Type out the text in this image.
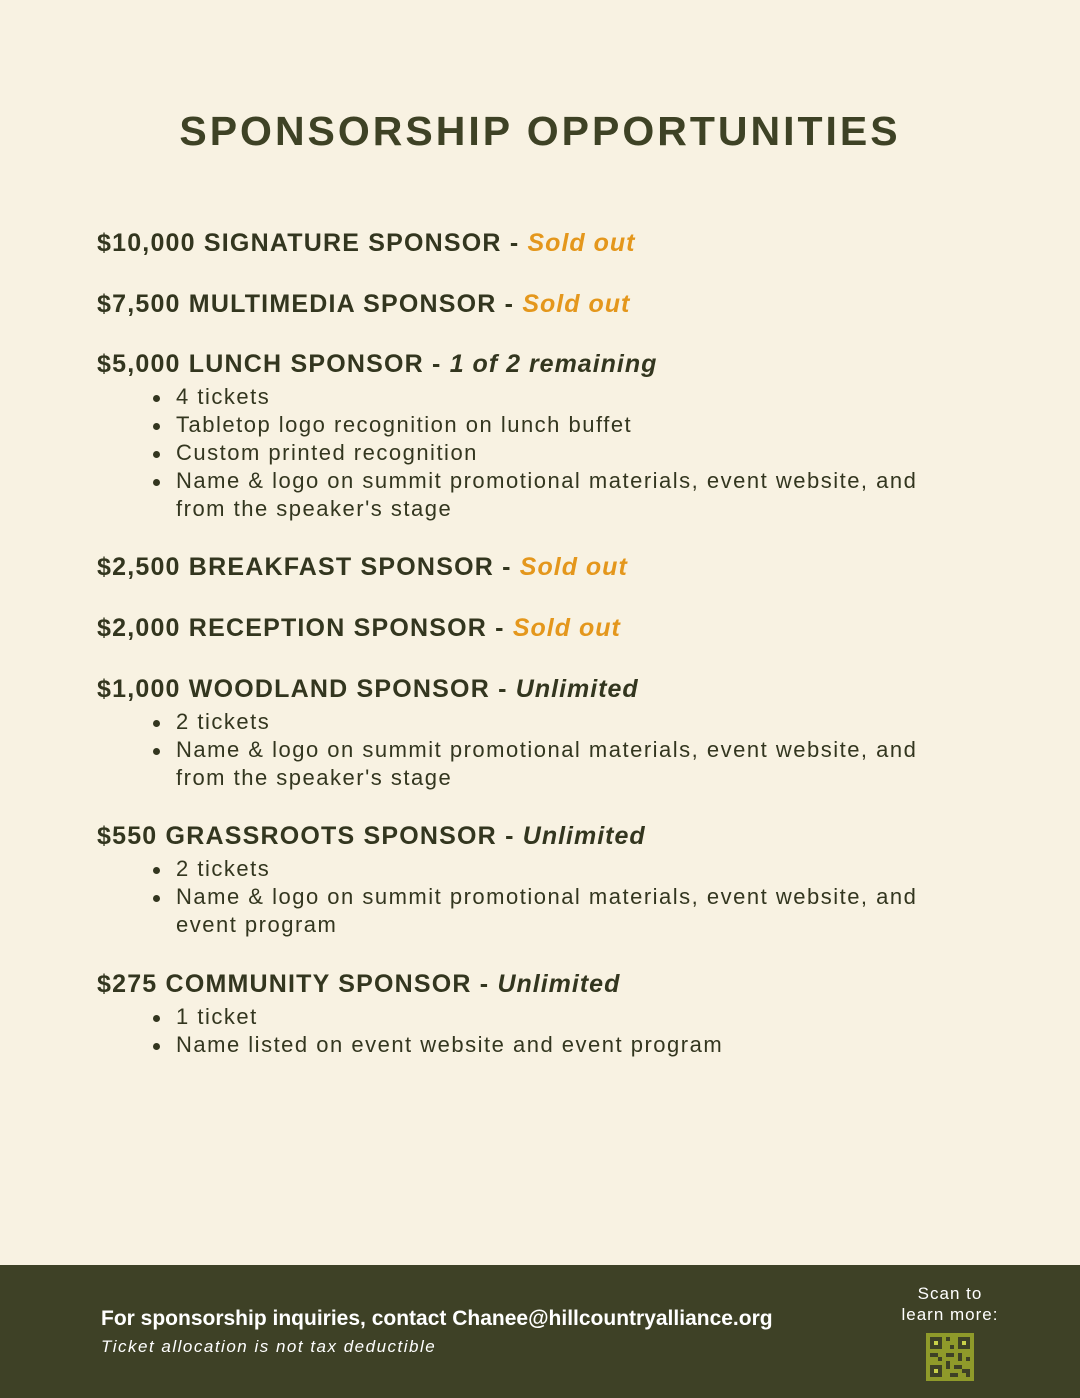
SPONSORSHIP OPPORTUNITIES
$10,000 SIGNATURE SPONSOR - Sold out
$7,500 MULTIMEDIA SPONSOR - Sold out
$5,000 LUNCH SPONSOR - 1 of 2 remaining
4 tickets
Tabletop logo recognition on lunch buffet
Custom printed recognition
Name & logo on summit promotional materials, event website, and from the speaker's stage
$2,500 BREAKFAST SPONSOR - Sold out
$2,000 RECEPTION SPONSOR - Sold out
$1,000 WOODLAND SPONSOR - Unlimited
2 tickets
Name & logo on summit promotional materials, event website, and from the speaker's stage
$550 GRASSROOTS SPONSOR - Unlimited
2 tickets
Name & logo on summit promotional materials, event website, and event program
$275 COMMUNITY SPONSOR - Unlimited
1 ticket
Name listed on event website and event program
For sponsorship inquiries, contact Chanee@hillcountryalliance.org
Ticket allocation is not tax deductible
Scan to
learn more:
